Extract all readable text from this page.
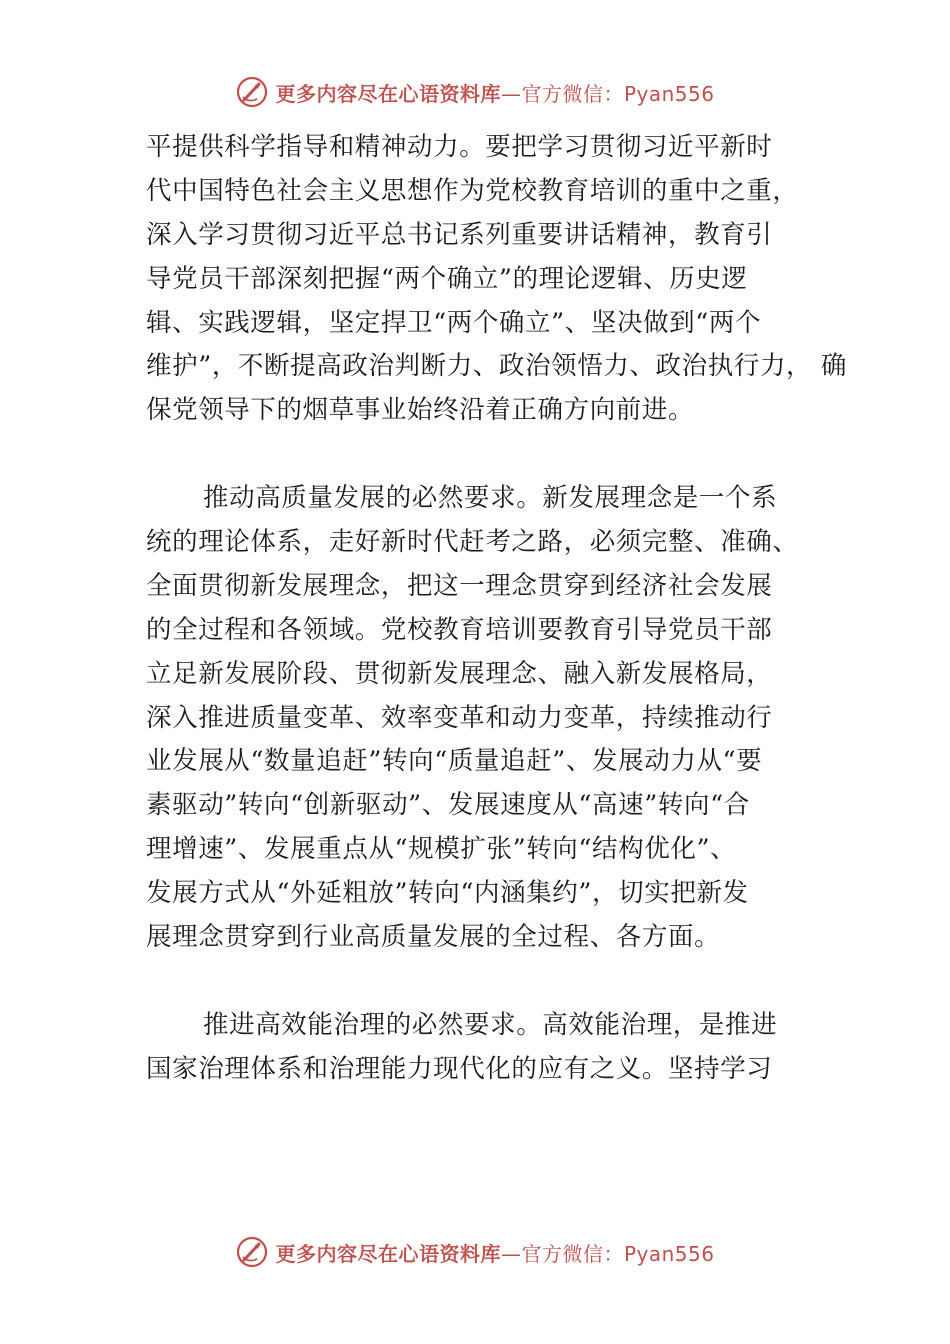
更多内容尽在心语资料库—官方微信：Pyan556
平提供科学指导和精神动力。要把学习贯彻习近平新时
代中国特色社会主义思想作为党校教育培训的重中之重，
深入学习贯彻习近平总书记系列重要讲话精神，教育引
导党员干部深刻把握“两个确立”的理论逻辑、历史逻
辑、实践逻辑，坚定捍卫“两个确立”、坚决做到“两个
维护”，不断提高政治判断力、政治领悟力、政治执行力， 确
保党领导下的烟草事业始终沿着正确方向前进。
推动高质量发展的必然要求。新发展理念是一个系
统的理论体系，走好新时代赶考之路，必须完整、准确、
全面贯彻新发展理念，把这一理念贯穿到经济社会发展
的全过程和各领域。党校教育培训要教育引导党员干部
立足新发展阶段、贯彻新发展理念、融入新发展格局，
深入推进质量变革、效率变革和动力变革，持续推动行
业发展从“数量追赶”转向“质量追赶”、发展动力从“要
素驱动”转向“创新驱动”、发展速度从“高速”转向“合
理增速”、发展重点从“规模扩张”转向“结构优化”、
发展方式从“外延粗放”转向“内涵集约”，切实把新发
展理念贯穿到行业高质量发展的全过程、各方面。
推进高效能治理的必然要求。高效能治理，是推进
国家治理体系和治理能力现代化的应有之义。坚持学习
更多内容尽在心语资料库—官方微信：Pyan556
